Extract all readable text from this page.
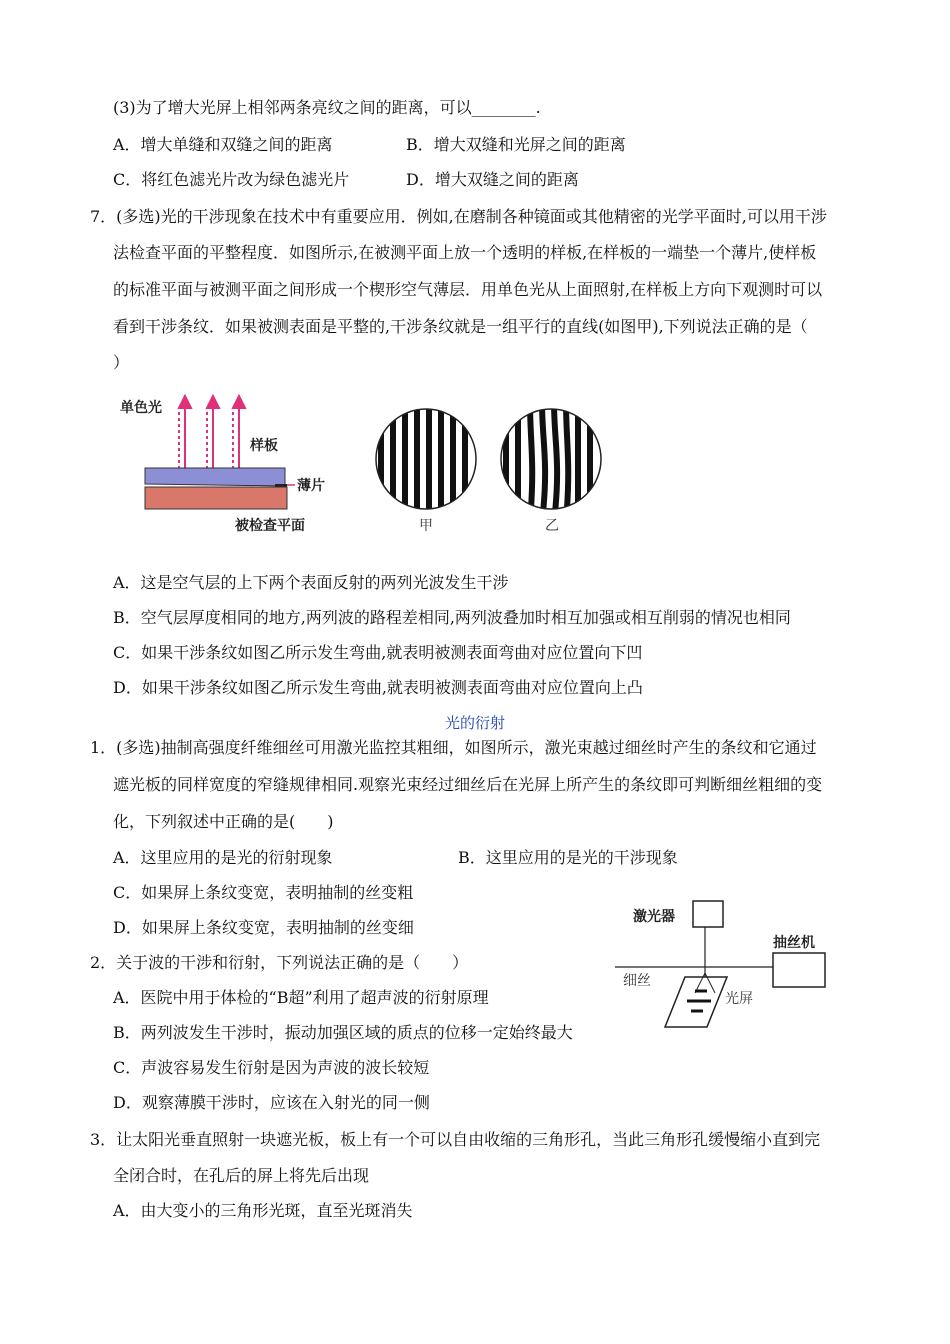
(3)为了增大光屏上相邻两条亮纹之间的距离，可以________.
A．增大单缝和双缝之间的距离	B．增大双缝和光屏之间的距离
C．将红色滤光片改为绿色滤光片	D．增大双缝之间的距离
7．(多选)光的干涉现象在技术中有重要应用．例如,在磨制各种镜面或其他精密的光学平面时,可以用干涉
法检查平面的平整程度．如图所示,在被测平面上放一个透明的样板,在样板的一端垫一个薄片,使样板
的标准平面与被测平面之间形成一个楔形空气薄层．用单色光从上面照射,在样板上方向下观测时可以
看到干涉条纹．如果被测表面是平整的,干涉条纹就是一组平行的直线(如图甲),下列说法正确的是（
）
单色光
样板
薄片
被检查平面	甲	乙
A．这是空气层的上下两个表面反射的两列光波发生干涉
B．空气层厚度相同的地方,两列波的路程差相同,两列波叠加时相互加强或相互削弱的情况也相同
C．如果干涉条纹如图乙所示发生弯曲,就表明被测表面弯曲对应位置向下凹
D．如果干涉条纹如图乙所示发生弯曲,就表明被测表面弯曲对应位置向上凸
光的衍射
1．(多选)抽制高强度纤维细丝可用激光监控其粗细，如图所示，激光束越过细丝时产生的条纹和它通过
遮光板的同样宽度的窄缝规律相同.观察光束经过细丝后在光屏上所产生的条纹即可判断细丝粗细的变
化，下列叙述中正确的是(　　)
A．这里应用的是光的衍射现象	B．这里应用的是光的干涉现象
C．如果屏上条纹变宽，表明抽制的丝变粗
D．如果屏上条纹变宽，表明抽制的丝变细
激光器
抽丝机
细丝
光屏
2．关于波的干涉和衍射，下列说法正确的是（　　）
A．医院中用于体检的“B超”利用了超声波的衍射原理
B．两列波发生干涉时，振动加强区域的质点的位移一定始终最大
C．声波容易发生衍射是因为声波的波长较短
D．观察薄膜干涉时，应该在入射光的同一侧
3．让太阳光垂直照射一块遮光板，板上有一个可以自由收缩的三角形孔，当此三角形孔缓慢缩小直到完
全闭合时，在孔后的屏上将先后出现
A．由大变小的三角形光斑，直至光斑消失
